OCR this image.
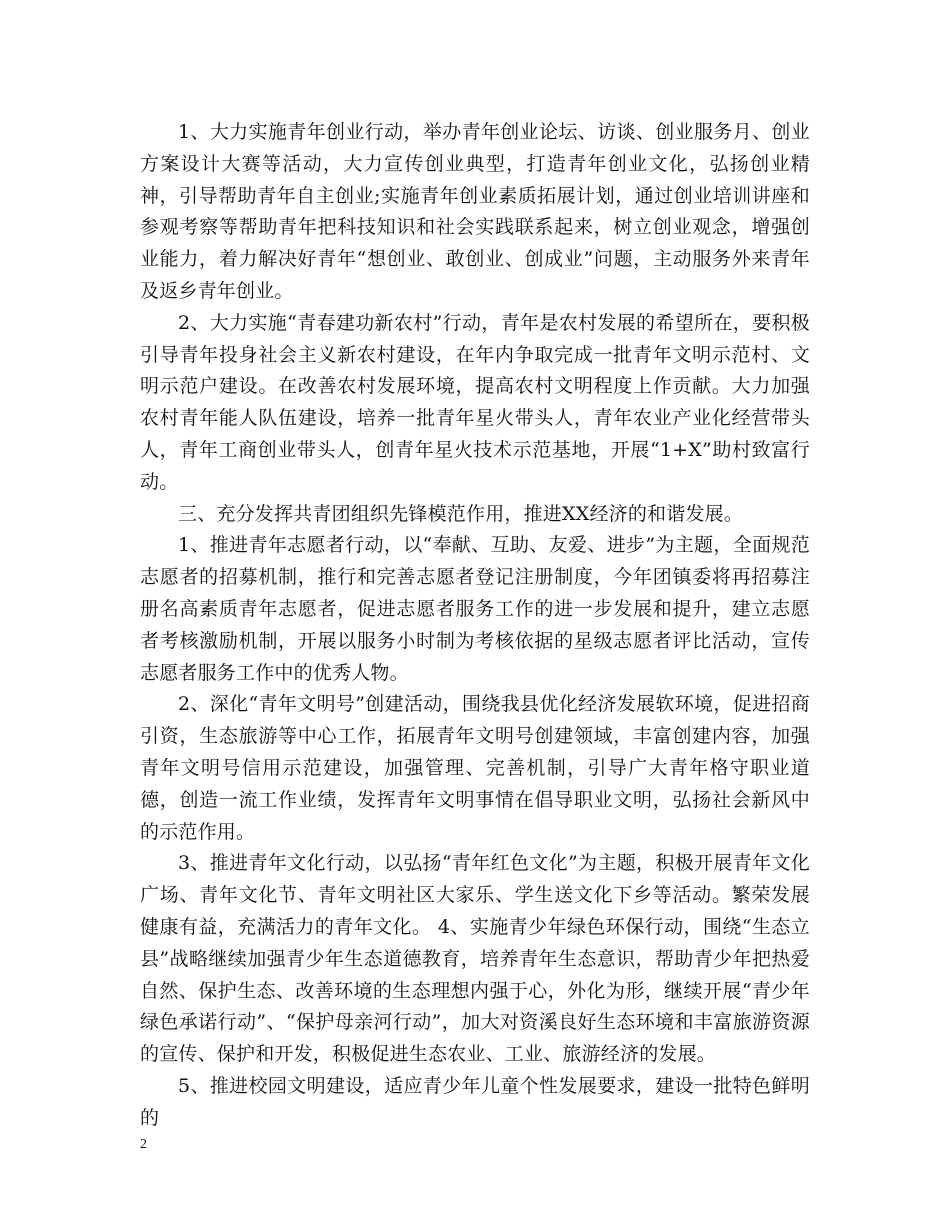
1、大力实施青年创业行动，举办青年创业论坛、访谈、创业服务月、创业方案设计大赛等活动，大力宣传创业典型，打造青年创业文化，弘扬创业精神，引导帮助青年自主创业;实施青年创业素质拓展计划，通过创业培训讲座和参观考察等帮助青年把科技知识和社会实践联系起来，树立创业观念，增强创业能力，着力解决好青年“想创业、敢创业、创成业”问题，主动服务外来青年及返乡青年创业。

2、大力实施“青春建功新农村”行动，青年是农村发展的希望所在，要积极引导青年投身社会主义新农村建设，在年内争取完成一批青年文明示范村、文明示范户建设。在改善农村发展环境，提高农村文明程度上作贡献。大力加强农村青年能人队伍建设，培养一批青年星火带头人，青年农业产业化经营带头人，青年工商创业带头人，创青年星火技术示范基地，开展“1+X”助村致富行动。

三、充分发挥共青团组织先锋模范作用，推进XX经济的和谐发展。

1、推进青年志愿者行动，以“奉献、互助、友爱、进步”为主题，全面规范志愿者的招募机制，推行和完善志愿者登记注册制度，今年团镇委将再招募注册名高素质青年志愿者，促进志愿者服务工作的进一步发展和提升，建立志愿者考核激励机制，开展以服务小时制为考核依据的星级志愿者评比活动，宣传志愿者服务工作中的优秀人物。

2、深化“青年文明号”创建活动，围绕我县优化经济发展软环境，促进招商引资，生态旅游等中心工作，拓展青年文明号创建领域，丰富创建内容，加强青年文明号信用示范建设，加强管理、完善机制，引导广大青年格守职业道德，创造一流工作业绩，发挥青年文明事情在倡导职业文明，弘扬社会新风中的示范作用。

3、推进青年文化行动，以弘扬“青年红色文化”为主题，积极开展青年文化广场、青年文化节、青年文明社区大家乐、学生送文化下乡等活动。繁荣发展健康有益，充满活力的青年文化。 4、实施青少年绿色环保行动，围绕“生态立县”战略继续加强青少年生态道德教育，培养青年生态意识，帮助青少年把热爱自然、保护生态、改善环境的生态理想内强于心，外化为形，继续开展“青少年绿色承诺行动”、“保护母亲河行动”，加大对资溪良好生态环境和丰富旅游资源的宣传、保护和开发，积极促进生态农业、工业、旅游经济的发展。

5、推进校园文明建设，适应青少年儿童个性发展要求，建设一批特色鲜明的

2
